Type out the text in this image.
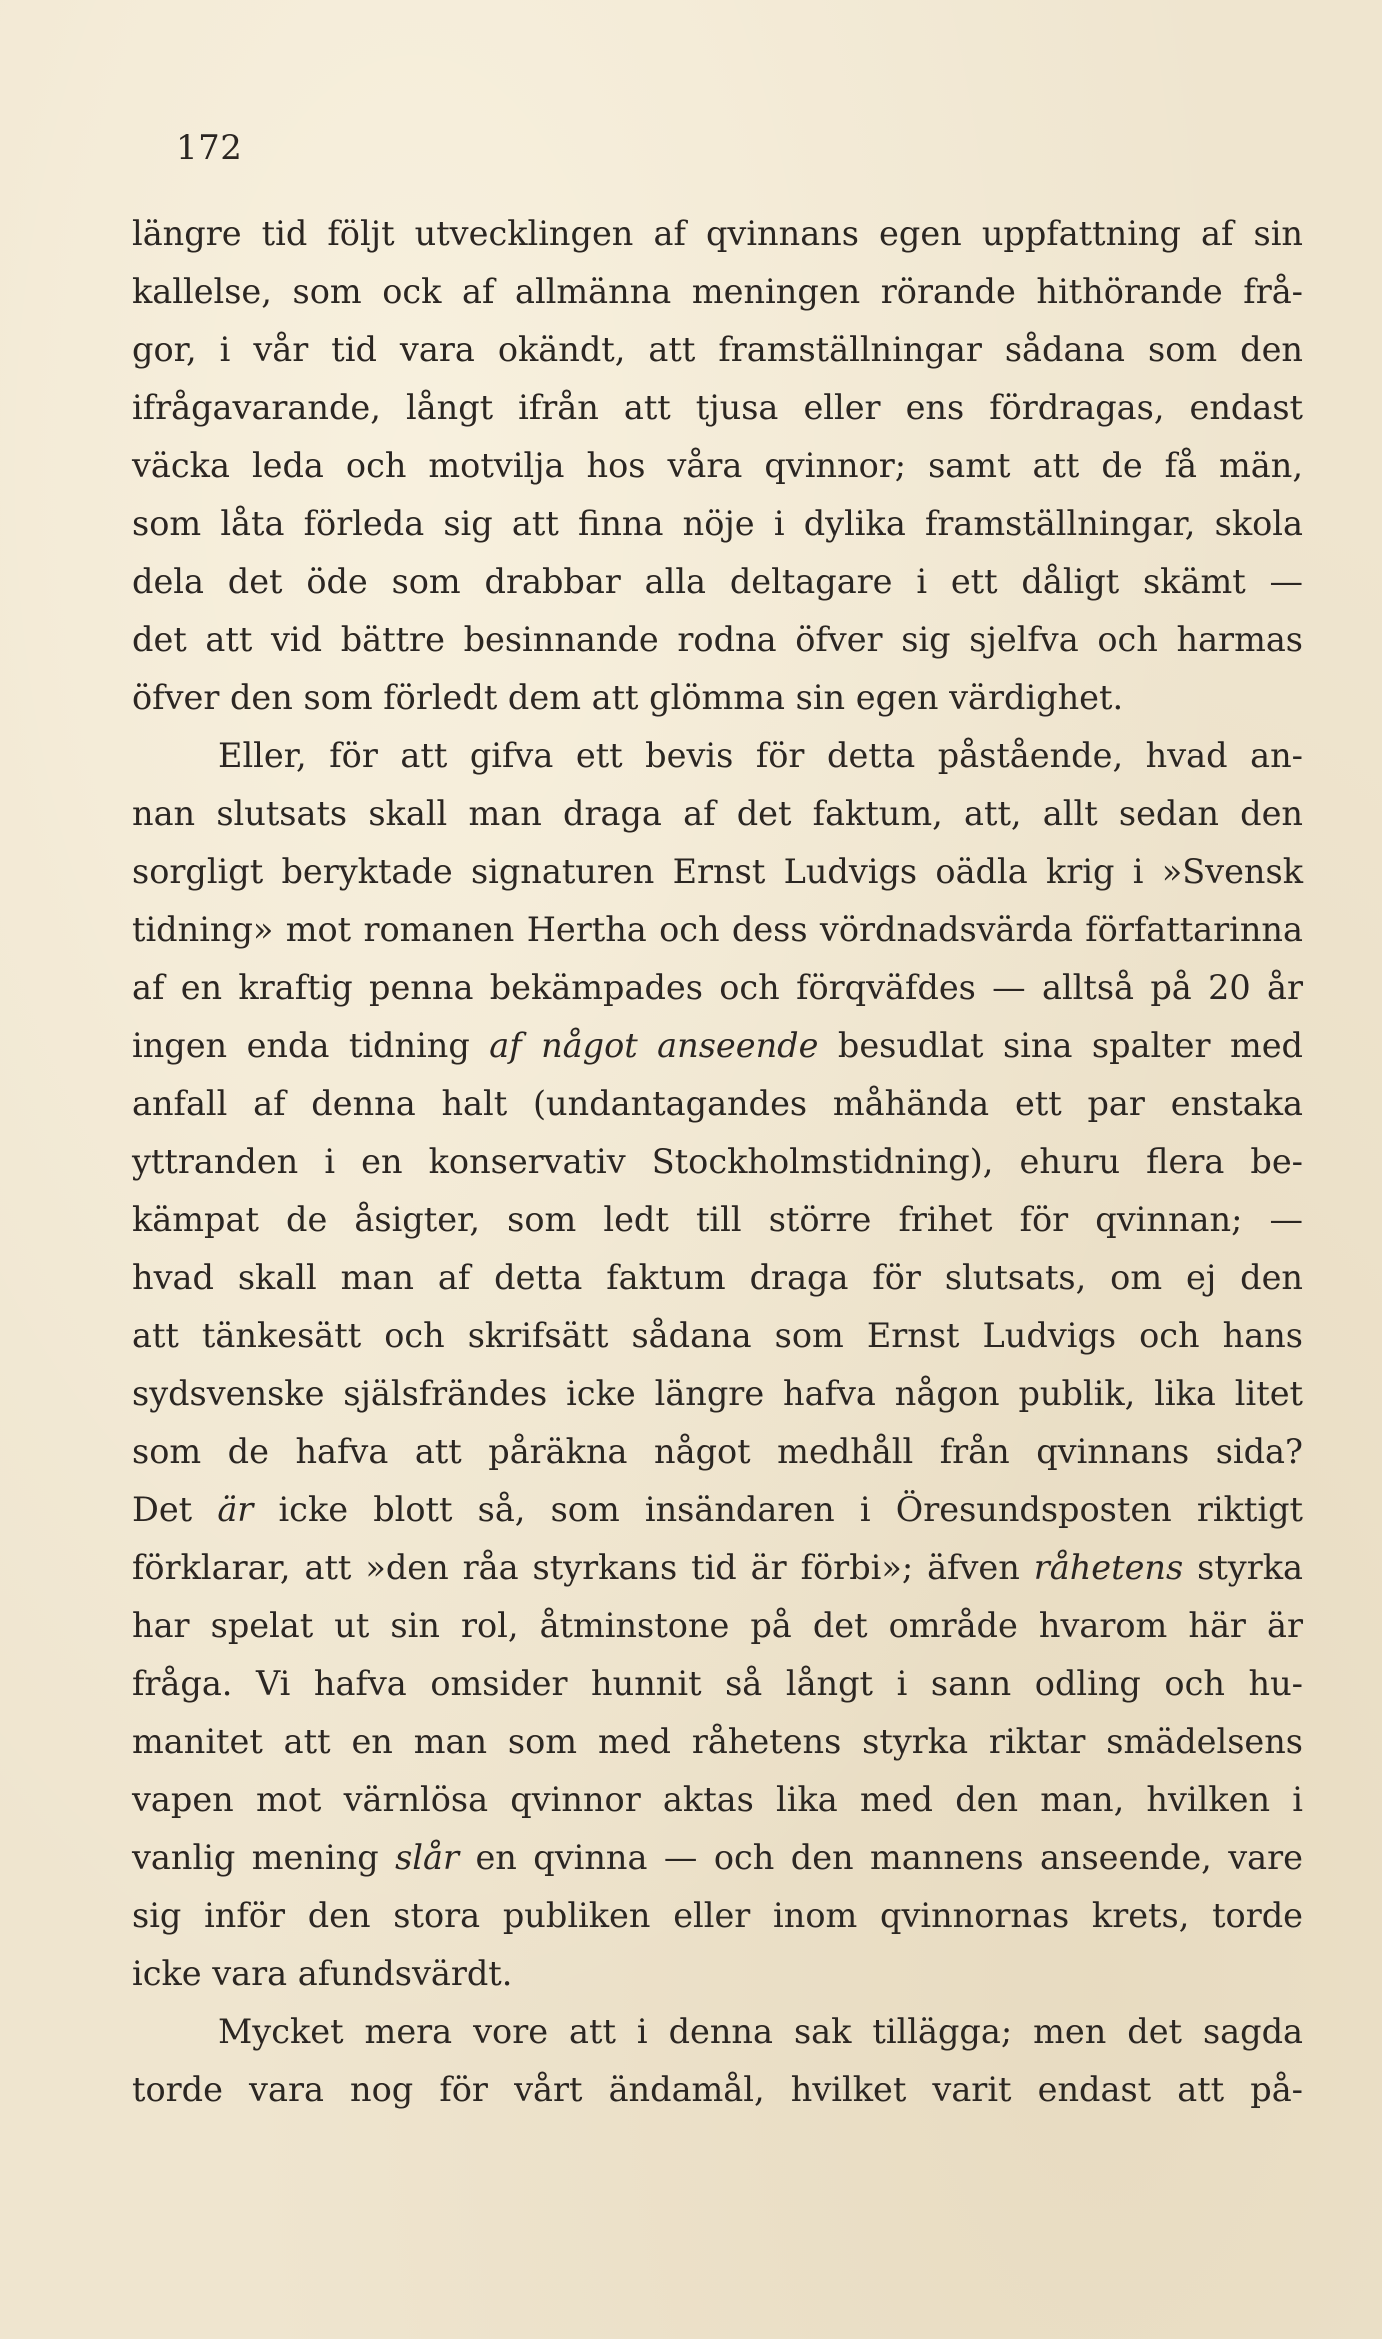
172
längre tid följt utvecklingen af qvinnans egen uppfattning af sin
kallelse, som ock af allmänna meningen rörande hithörande frå-
gor, i vår tid vara okändt, att framställningar sådana som den
ifrågavarande, långt ifrån att tjusa eller ens fördragas, endast
väcka leda och motvilja hos våra qvinnor; samt att de få män,
som låta förleda sig att finna nöje i dylika framställningar, skola
dela det öde som drabbar alla deltagare i ett dåligt skämt —
det att vid bättre besinnande rodna öfver sig sjelfva och harmas
öfver den som förledt dem att glömma sin egen värdighet.
Eller, för att gifva ett bevis för detta påstående, hvad an-
nan slutsats skall man draga af det faktum, att, allt sedan den
sorgligt beryktade signaturen Ernst Ludvigs oädla krig i »Svensk
tidning» mot romanen Hertha och dess vördnadsvärda författarinna
af en kraftig penna bekämpades och förqväfdes — alltså på 20 år
ingen enda tidning af något anseende besudlat sina spalter med
anfall af denna halt (undantagandes måhända ett par enstaka
yttranden i en konservativ Stockholmstidning), ehuru flera be-
kämpat de åsigter, som ledt till större frihet för qvinnan; —
hvad skall man af detta faktum draga för slutsats, om ej den
att tänkesätt och skrifsätt sådana som Ernst Ludvigs och hans
sydsvenske själsfrändes icke längre hafva någon publik, lika litet
som de hafva att påräkna något medhåll från qvinnans sida?
Det är icke blott så, som insändaren i Öresundsposten riktigt
förklarar, att »den råa styrkans tid är förbi»; äfven råhetens styrka
har spelat ut sin rol, åtminstone på det område hvarom här är
fråga. Vi hafva omsider hunnit så långt i sann odling och hu-
manitet att en man som med råhetens styrka riktar smädelsens
vapen mot värnlösa qvinnor aktas lika med den man, hvilken i
vanlig mening slår en qvinna — och den mannens anseende, vare
sig inför den stora publiken eller inom qvinnornas krets, torde
icke vara afundsvärdt.
Mycket mera vore att i denna sak tillägga; men det sagda
torde vara nog för vårt ändamål, hvilket varit endast att på-
